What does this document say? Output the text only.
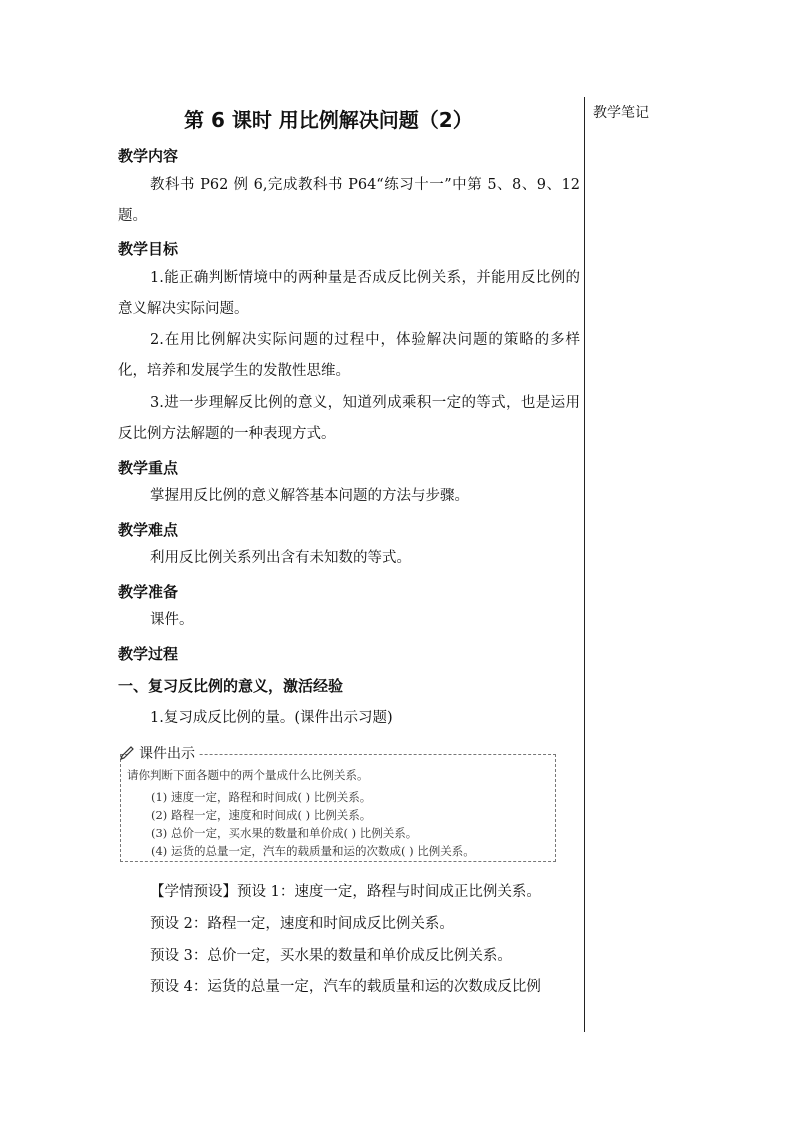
教学笔记
第 6 课时 用比例解决问题（2）
教学内容
教科书 P62 例 6,完成教科书 P64“练习十一”中第 5、8、9、12 题。
教学目标
1.能正确判断情境中的两种量是否成反比例关系，并能用反比例的意义解决实际问题。
2.在用比例解决实际问题的过程中，体验解决问题的策略的多样化，培养和发展学生的发散性思维。
3.进一步理解反比例的意义，知道列成乘积一定的等式，也是运用反比例方法解题的一种表现方式。
教学重点
掌握用反比例的意义解答基本问题的方法与步骤。
教学难点
利用反比例关系列出含有未知数的等式。
教学准备
课件。
教学过程
一、复习反比例的意义，激活经验
1.复习成反比例的量。(课件出示习题)
课件出示
请你判断下面各题中的两个量成什么比例关系。
(1) 速度一定，路程和时间成( ) 比例关系。
(2) 路程一定，速度和时间成( ) 比例关系。
(3) 总价一定，买水果的数量和单价成( ) 比例关系。
(4) 运货的总量一定，汽车的载质量和运的次数成( ) 比例关系。
【学情预设】预设 1：速度一定，路程与时间成正比例关系。
预设 2：路程一定，速度和时间成反比例关系。
预设 3：总价一定，买水果的数量和单价成反比例关系。
预设 4：运货的总量一定，汽车的载质量和运的次数成反比例
